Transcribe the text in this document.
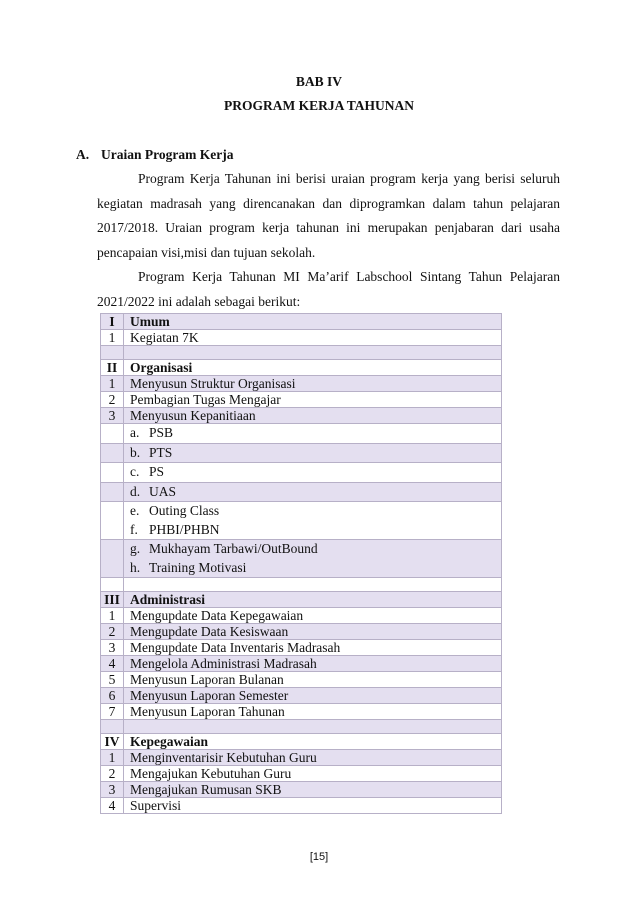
BAB IV
PROGRAM KERJA TAHUNAN
A. Uraian Program Kerja
Program Kerja Tahunan ini berisi uraian program kerja yang berisi seluruh kegiatan madrasah yang direncanakan dan diprogramkan dalam tahun pelajaran 2017/2018. Uraian program kerja tahunan ini merupakan penjabaran dari usaha pencapaian visi,misi dan tujuan sekolah.
Program Kerja Tahunan MI Ma’arif Labschool Sintang Tahun Pelajaran 2021/2022 ini adalah sebagai berikut:
I	Umum
1	Kegiatan 7K

II	Organisasi
1	Menyusun Struktur Organisasi
2	Pembagian Tugas Mengajar
3	Menyusun Kepanitiaan

	a. PSB

	b. PTS

	c. PS

	d. UAS

	e. Outing Class
f. PHBI/PHBN

	g. Mukhayam Tarbawi/OutBound
h. Training Motivasi

III	Administrasi
1	Mengupdate Data Kepegawaian
2	Mengupdate Data Kesiswaan
3	Mengupdate Data Inventaris Madrasah
4	Mengelola Administrasi Madrasah
5	Menyusun Laporan Bulanan
6	Menyusun Laporan Semester
7	Menyusun Laporan Tahunan

IV	Kepegawaian
1	Menginventarisir Kebutuhan Guru
2	Mengajukan Kebutuhan Guru
3	Mengajukan Rumusan SKB
4	Supervisi
[15]
